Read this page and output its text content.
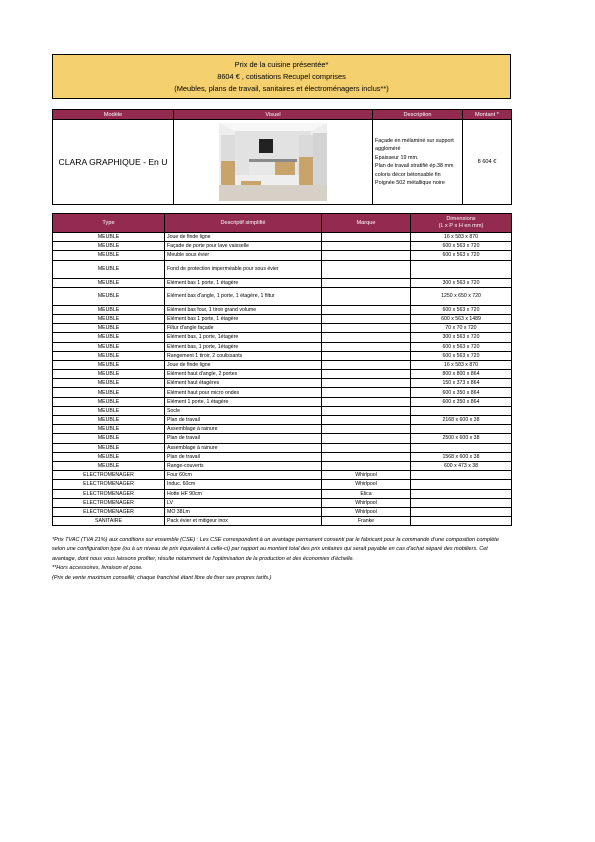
Prix de la cuisine présentée*
8604 € , cotisations Recupel comprises
(Meubles, plans de travail, sanitaires et électroménagers inclus**)
Modèle	Visuel	Description	Montant *
CLARA GRAPHIQUE - En U		Façade en mélaminé sur support aggloméré
Epaisseur 19 mm.
Plan de travail stratifié ép.38 mm
coloris décor bétonsable fin
Poignée 502 métallique noire	8 604 €
Type	Descriptif simplifié	Marque	Dimensions
(L x P x H en mm)

MEUBLE	Joue de finde ligne		16 x 583 x 870
MEUBLE	Façade de porte pour lave vaisselle		600 x 563 x 720
MEUBLE	Meuble sous évier		600 x 563 x 720
MEUBLE	Fond de protection imperméable pour sous évier		
MEUBLE	Elément bas 1 porte, 1 étagère		300 x 563 x 720
MEUBLE	Elément bas d'angle, 1 porte, 1 étagère, 1 filtur		1250 x 650 x 720
MEUBLE	Elément bas four, 1 tiroir grand volume		600 x 563 x 720
MEUBLE	Elément bas 1 porte, 1 étagère		600 x 563 x 1489
MEUBLE	Filtur d'angle façade		70 x 70 x 720
MEUBLE	Elément bas, 1 porte, 1étagère		300 x 563 x 720
MEUBLE	Elément bas, 1 porte, 1étagère		600 x 563 x 720
MEUBLE	Rangement 1 tiroir, 2 coulissants		600 x 563 x 720
MEUBLE	Joue de finde ligne		16 x 583 x 870
MEUBLE	Elément haut d'angle, 2 portes		800 x 800 x 864
MEUBLE	Elément haut étagères		150 x 373 x 864
MEUBLE	Elément haut pour micro ondes		600 x 350 x 864
MEUBLE	Elément 1 porte, 1 étagère		600 x 350 x 864
MEUBLE	Socle		
MEUBLE	Plan de travail		2168 x 600 x 38
MEUBLE	Assemblage à rainure		
MEUBLE	Plan de travail		2500 x 600 x 38
MEUBLE	Assemblage à rainure		
MEUBLE	Plan de travail		1568 x 600 x 38
MEUBLE	Range-couverts		600 x 473 x 38
ELECTROMENAGER	Four 60cm	Whirlpool	
ELECTROMENAGER	Induc. 60cm	Whirlpool	
ELECTROMENAGER	Hotte HF 90cm	Elica	
ELECTROMENAGER	LV	Whirlpool	
ELECTROMENAGER	MO 38Lm	Whirlpool	
SANITAIRE	Pack évier et mitigeur inox	Franke	

*Prix TVAC (TVA 21%) aux conditions sur ensemble (CSE) : Les CSE correspondent à un avantage permanent consenti par le fabricant pour la commande d'une composition complète selon une configuration type (ou à un niveau de prix équivalent à celle-ci) par rapport au montant total des prix unitaires qui serait payable en cas d'achat séparé des mobiliers. Cet avantage, dont nous vous laissons profiter, résulte notamment de l'optimisation de la production et des économies d'échelle.

**Hors accessoires, livraison et pose.

(Prix de vente maximum conseillé; chaque franchisé étant libre de fixer ses propres tarifs.)
